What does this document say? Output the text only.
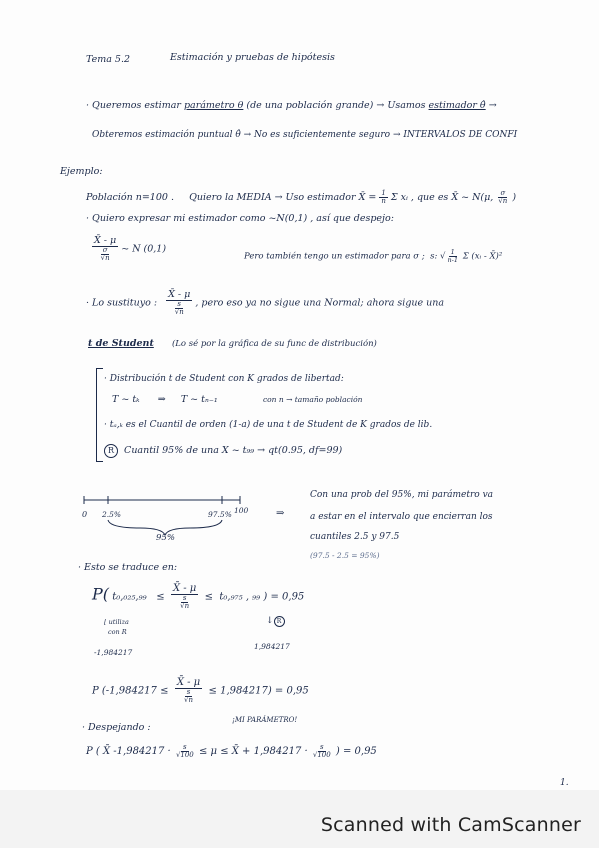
Tema 5.2	Estimación y pruebas de hipótesis
· Queremos estimar parámetro θ (de una población grande) → Usamos estimador θ̂ →
Obteremos estimación puntual θ̂ → No es suficientemente seguro → INTERVALOS DE CONFI
Ejemplo:
Población n=100 . Quiero la MEDIA → Uso estimador X̄ = $\frac{1}{n}$ Σ xᵢ , que es X̄ ~ N(μ, $\frac{\sigma}{√n}$ )
· Quiero expresar mi estimador como ~N(0,1) , así que despejo:
$\frac{X̄ - \mu}{\frac{\sigma}{√n}}$ ~ N (0,1)
Pero también tengo un estimador para σ ; s: √ $\frac{1}{n-1}$ Σ (xᵢ - X̄)²
· Lo sustituyo : $\frac{X̄ - \mu}{\frac{s}{√n}}$ , pero eso ya no sigue una Normal; ahora sigue una
t de Student (Lo sé por la gráfica de su func de distribución)
· Distribución t de Student con K grados de libertad:
T ~ tₖ ⇒ T ~ tₙ₋₁	con n → tamaño población
· tₐ,ₖ es el Cuantil de orden (1-a) de una t de Student de K grados de lib.
R Cuantil 95% de una X ~ t₉₉ → qt(0.95, df=99)
0 2.5%	97.5% 100
95%
⇒
Con una prob del 95%, mi parámetro va
a estar en el intervalo que encierran los
cuantiles 2.5 y 97.5
(97.5 - 2.5 = 95%)
· Esto se traduce en:
P( $t_0,_{025},_{99} \le \frac{X̄ - \mu}{\frac{s}{√n}} \le t_0,_{975}$ , ₉₉ ) = 0,95
⌊ utiliza
con R
↓ R
-1,984217
1,984217
P $(-1,984217 \le \frac{X̄ - \mu}{\frac{s}{√n}} \le 1,984217) = 0,95$
· Despejando :
¡MI PARÁMETRO!
P ( X̄ $-1,984217 \cdot \frac{s}{√100} \le \mu$ ≤ X̄ + $1,984217 \cdot \frac{s}{√100}$ ) = 0,95
1.
Scanned with CamScanner
